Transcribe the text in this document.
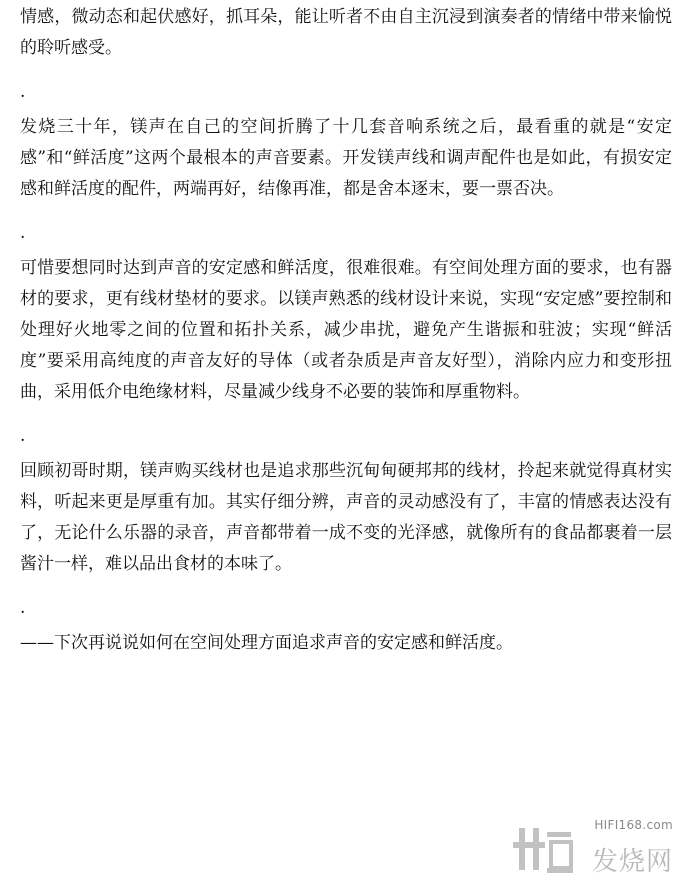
情感，微动态和起伏感好，抓耳朵，能让听者不由自主沉浸到演奏者的情绪中带来愉悦的聆听感受。

.

发烧三十年，镁声在自己的空间折腾了十几套音响系统之后，最看重的就是“安定感”和“鲜活度”这两个最根本的声音要素。开发镁声线和调声配件也是如此，有损安定感和鲜活度的配件，两端再好，结像再准，都是舍本逐末，要一票否决。

.

可惜要想同时达到声音的安定感和鲜活度，很难很难。有空间处理方面的要求，也有器材的要求，更有线材垫材的要求。以镁声熟悉的线材设计来说，实现“安定感”要控制和处理好火地零之间的位置和拓扑关系，减少串扰，避免产生谐振和驻波；实现“鲜活度”要采用高纯度的声音友好的导体（或者杂质是声音友好型），消除内应力和变形扭曲，采用低介电绝缘材料，尽量减少线身不必要的装饰和厚重物料。

.

回顾初哥时期，镁声购买线材也是追求那些沉甸甸硬邦邦的线材，拎起来就觉得真材实料，听起来更是厚重有加。其实仔细分辨，声音的灵动感没有了，丰富的情感表达没有了，无论什么乐器的录音，声音都带着一成不变的光泽感，就像所有的食品都裹着一层酱汁一样，难以品出食材的本味了。

.

——下次再说说如何在空间处理方面追求声音的安定感和鲜活度。

HIFI168.com
发烧网
